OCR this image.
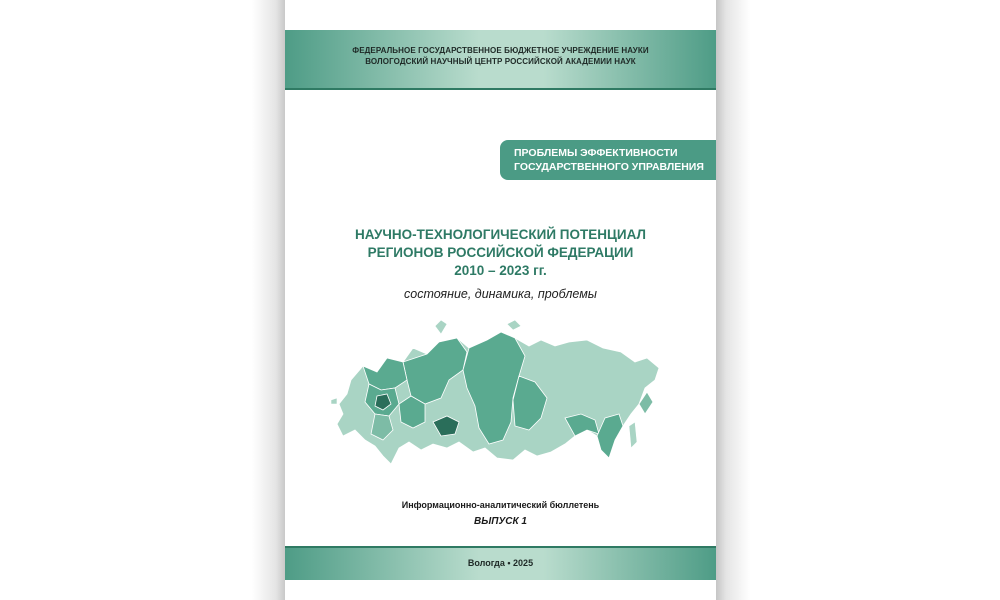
ФЕДЕРАЛЬНОЕ ГОСУДАРСТВЕННОЕ БЮДЖЕТНОЕ УЧРЕЖДЕНИЕ НАУКИ
ВОЛОГОДСКИЙ НАУЧНЫЙ ЦЕНТР РОССИЙСКОЙ АКАДЕМИИ НАУК
ПРОБЛЕМЫ ЭФФЕКТИВНОСТИ
ГОСУДАРСТВЕННОГО УПРАВЛЕНИЯ
НАУЧНО-ТЕХНОЛОГИЧЕСКИЙ ПОТЕНЦИАЛ
РЕГИОНОВ РОССИЙСКОЙ ФЕДЕРАЦИИ
2010 – 2023 гг.
состояние, динамика, проблемы
Информационно-аналитический бюллетень
ВЫПУСК 1
Вологда • 2025
